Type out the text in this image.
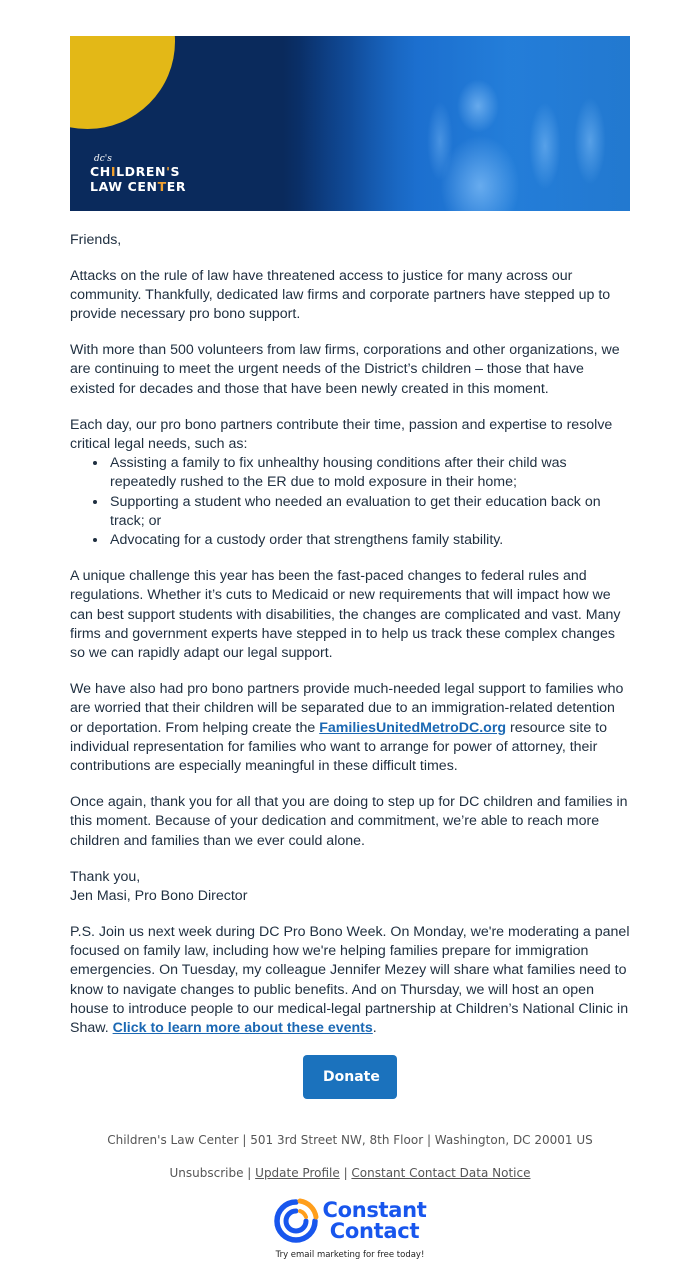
dc's
CHILDREN'S
LAW CENTER

Friends,

Attacks on the rule of law have threatened access to justice for many across our community. Thankfully, dedicated law firms and corporate partners have stepped up to provide necessary pro bono support.

With more than 500 volunteers from law firms, corporations and other organizations, we are continuing to meet the urgent needs of the District’s children – those that have existed for decades and those that have been newly created in this moment.

Each day, our pro bono partners contribute their time, passion and expertise to resolve critical legal needs, such as:

• Assisting a family to fix unhealthy housing conditions after their child was repeatedly rushed to the ER due to mold exposure in their home;
• Supporting a student who needed an evaluation to get their education back on track; or
• Advocating for a custody order that strengthens family stability.

A unique challenge this year has been the fast-paced changes to federal rules and regulations. Whether it’s cuts to Medicaid or new requirements that will impact how we can best support students with disabilities, the changes are complicated and vast. Many firms and government experts have stepped in to help us track these complex changes so we can rapidly adapt our legal support.

We have also had pro bono partners provide much-needed legal support to families who are worried that their children will be separated due to an immigration-related detention or deportation. From helping create the FamiliesUnitedMetroDC.org resource site to individual representation for families who want to arrange for power of attorney, their contributions are especially meaningful in these difficult times.

Once again, thank you for all that you are doing to step up for DC children and families in this moment. Because of your dedication and commitment, we’re able to reach more children and families than we ever could alone.

Thank you,
Jen Masi, Pro Bono Director

P.S. Join us next week during DC Pro Bono Week. On Monday, we're moderating a panel focused on family law, including how we're helping families prepare for immigration emergencies. On Tuesday, my colleague Jennifer Mezey will share what families need to know to navigate changes to public benefits. And on Thursday, we will host an open house to introduce people to our medical-legal partnership at Children’s National Clinic in Shaw. Click to learn more about these events.

Donate
Children's Law Center | 501 3rd Street NW, 8th Floor | Washington, DC 20001 US
Unsubscribe | Update Profile | Constant Contact Data Notice
Constant
Contact
Try email marketing for free today!
